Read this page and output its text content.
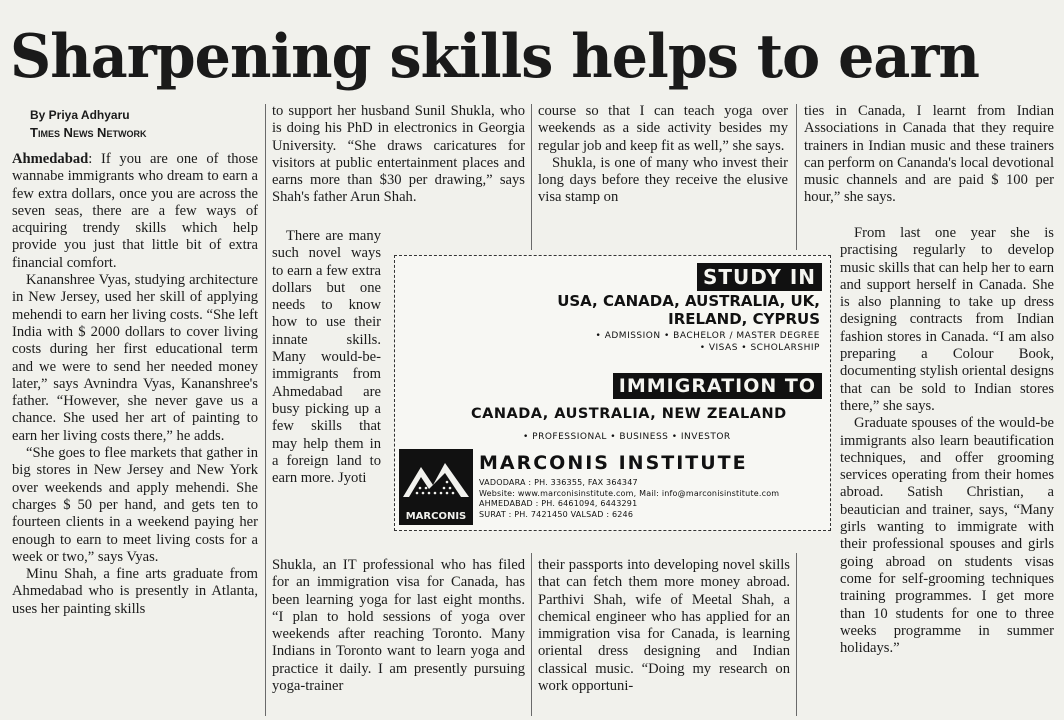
Sharpening skills helps to earn
By Priya Adhyaru
Times News Network

Ahmedabad: If you are one of those wannabe immigrants who dream to earn a few extra dollars, once you are across the seven seas, there are a few ways of acquiring trendy skills which help provide you just that little bit of extra financial comfort.

Kananshree Vyas, studying architecture in New Jersey, used her skill of applying mehendi to earn her living costs. “She left India with $ 2000 dollars to cover living costs during her first educational term and we were to send her needed money later,” says Avnindra Vyas, Kananshree's father. “However, she never gave us a chance. She used her art of painting to earn her living costs there,” he adds.

“She goes to flee markets that gather in big stores in New Jersey and New York over weekends and apply mehendi. She charges $ 50 per hand, and gets ten to fourteen clients in a weekend paying her enough to earn to meet living costs for a week or two,” says Vyas.

Minu Shah, a fine arts graduate from Ahmedabad who is presently in Atlanta, uses her painting skills

to support her husband Sunil Shukla, who is doing his PhD in electronics in Georgia University. “She draws caricatures for visitors at public entertainment places and earns more than $30 per drawing,” says Shah's father Arun Shah.

There are many such novel ways to earn a few extra dollars but one needs to know how to use their innate skills. Many would-be-immigrants from Ahmedabad are busy picking up a few skills that may help them in a foreign land to earn more. Jyoti

Shukla, an IT professional who has filed for an immigration visa for Canada, has been learning yoga for last eight months. “I plan to hold sessions of yoga over weekends after reaching Toronto. Many Indians in Toronto want to learn yoga and practice it daily. I am presently pursuing yoga-trainer

course so that I can teach yoga over weekends as a side activity besides my regular job and keep fit as well,” she says.

Shukla, is one of many who invest their long days before they receive the elusive visa stamp on

their passports into developing novel skills that can fetch them more money abroad. Parthivi Shah, wife of Meetal Shah, a chemical engineer who has applied for an immigration visa for Canada, is learning oriental dress designing and Indian classical music. “Doing my research on work opportuni-

ties in Canada, I learnt from Indian Associations in Canada that they require trainers in Indian music and these trainers can perform on Cananda's local devotional music channels and are paid $ 100 per hour,” she says.

From last one year she is practising regularly to develop music skills that can help her to earn and support herself in Canada. She is also planning to take up dress designing contracts from Indian fashion stores in Canada. “I am also preparing a Colour Book, documenting stylish oriental designs that can be sold to Indian stores there,” she says.

Graduate spouses of the would-be immigrants also learn beautification techniques, and offer grooming services operating from their homes abroad. Satish Christian, a beautician and trainer, says, “Many girls wanting to immigrate with their professional spouses and girls going abroad on students visas come for self-grooming techniques training programmes. I get more than 10 students for one to three weeks programme in summer holidays.”

STUDY IN
USA, CANADA, AUSTRALIA, UK,
IRELAND, CYPRUS
• ADMISSION • BACHELOR / MASTER DEGREE
• VISAS • SCHOLARSHIP
IMMIGRATION TO
CANADA, AUSTRALIA, NEW ZEALAND
• PROFESSIONAL • BUSINESS • INVESTOR
MARCONIS
MARCONIS INSTITUTE
VADODARA : PH. 336355, FAX 364347
Website: www.marconisinstitute.com, Mail: info@marconisinstitute.com
AHMEDABAD : PH. 6461094, 6443291
SURAT : PH. 7421450 VALSAD : 6246
